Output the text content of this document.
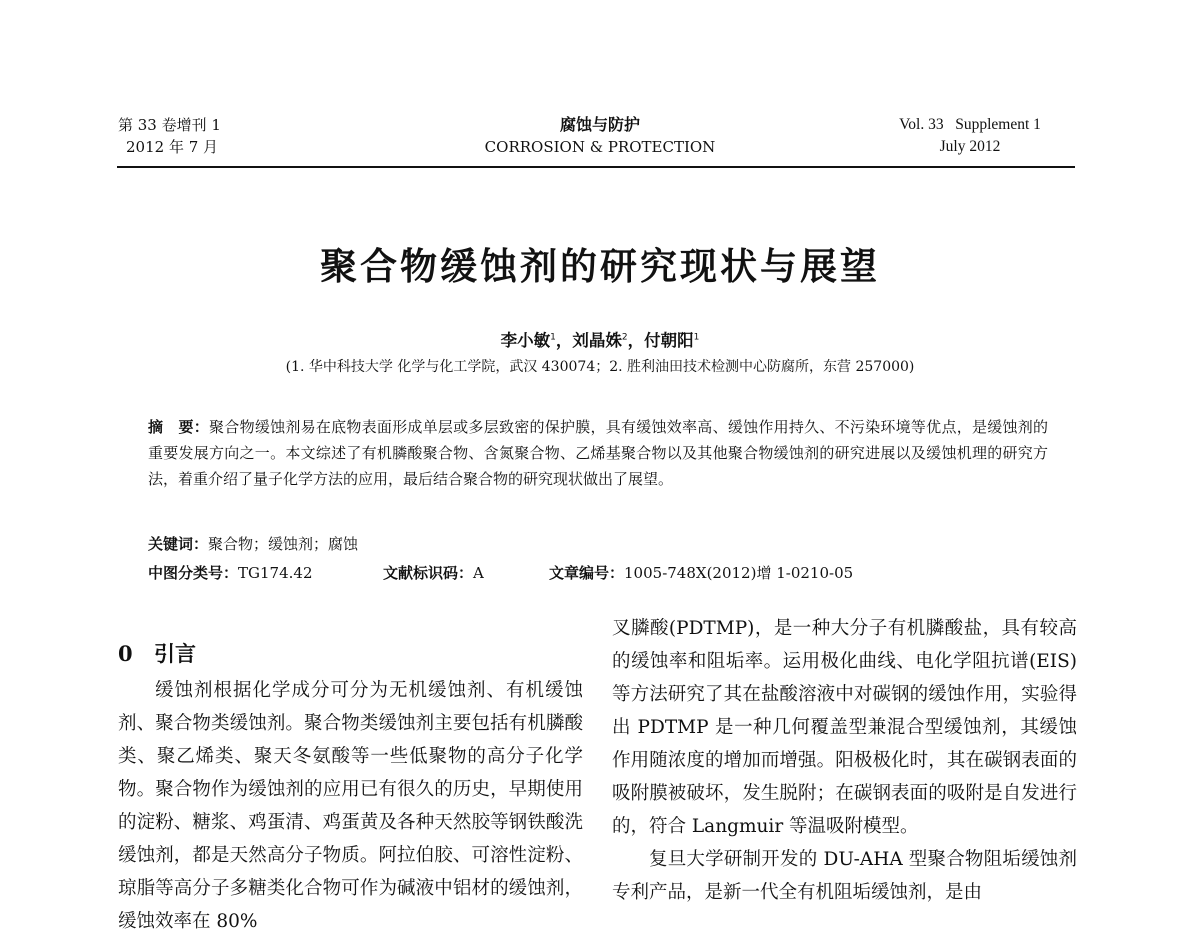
第 33 卷增刊 1
2012 年 7 月
腐蚀与防护
CORROSION & PROTECTION
Vol. 33   Supplement 1
July 2012
聚合物缓蚀剂的研究现状与展望
李小敏$^1$，刘晶姝$^2$，付朝阳$^1$
(1. 华中科技大学 化学与化工学院，武汉 430074；2. 胜利油田技术检测中心防腐所，东营 257000)
摘　要：聚合物缓蚀剂易在底物表面形成单层或多层致密的保护膜，具有缓蚀效率高、缓蚀作用持久、不污染环境等优点，是缓蚀剂的重要发展方向之一。本文综述了有机膦酸聚合物、含氮聚合物、乙烯基聚合物以及其他聚合物缓蚀剂的研究进展以及缓蚀机理的研究方法，着重介绍了量子化学方法的应用，最后结合聚合物的研究现状做出了展望。
关键词：聚合物；缓蚀剂；腐蚀
中图分类号：TG174.42	文献标识码：A	文章编号：1005-748X(2012)增 1-0210-05
0 引言

缓蚀剂根据化学成分可分为无机缓蚀剂、有机缓蚀剂、聚合物类缓蚀剂。聚合物类缓蚀剂主要包括有机膦酸类、聚乙烯类、聚天冬氨酸等一些低聚物的高分子化学物。聚合物作为缓蚀剂的应用已有很久的历史，早期使用的淀粉、糖浆、鸡蛋清、鸡蛋黄及各种天然胶等钢铁酸洗缓蚀剂，都是天然高分子物质。阿拉伯胶、可溶性淀粉、琼脂等高分子多糖类化合物可作为碱液中铝材的缓蚀剂，缓蚀效率在 80%

叉膦酸(PDTMP)，是一种大分子有机膦酸盐，具有较高的缓蚀率和阻垢率。运用极化曲线、电化学阻抗谱(EIS)等方法研究了其在盐酸溶液中对碳钢的缓蚀作用，实验得出 PDTMP 是一种几何覆盖型兼混合型缓蚀剂，其缓蚀作用随浓度的增加而增强。阳极极化时，其在碳钢表面的吸附膜被破坏，发生脱附；在碳钢表面的吸附是自发进行的，符合 Langmuir 等温吸附模型。

复旦大学研制开发的 DU-AHA 型聚合物阻垢缓蚀剂专利产品，是新一代全有机阻垢缓蚀剂，是由
